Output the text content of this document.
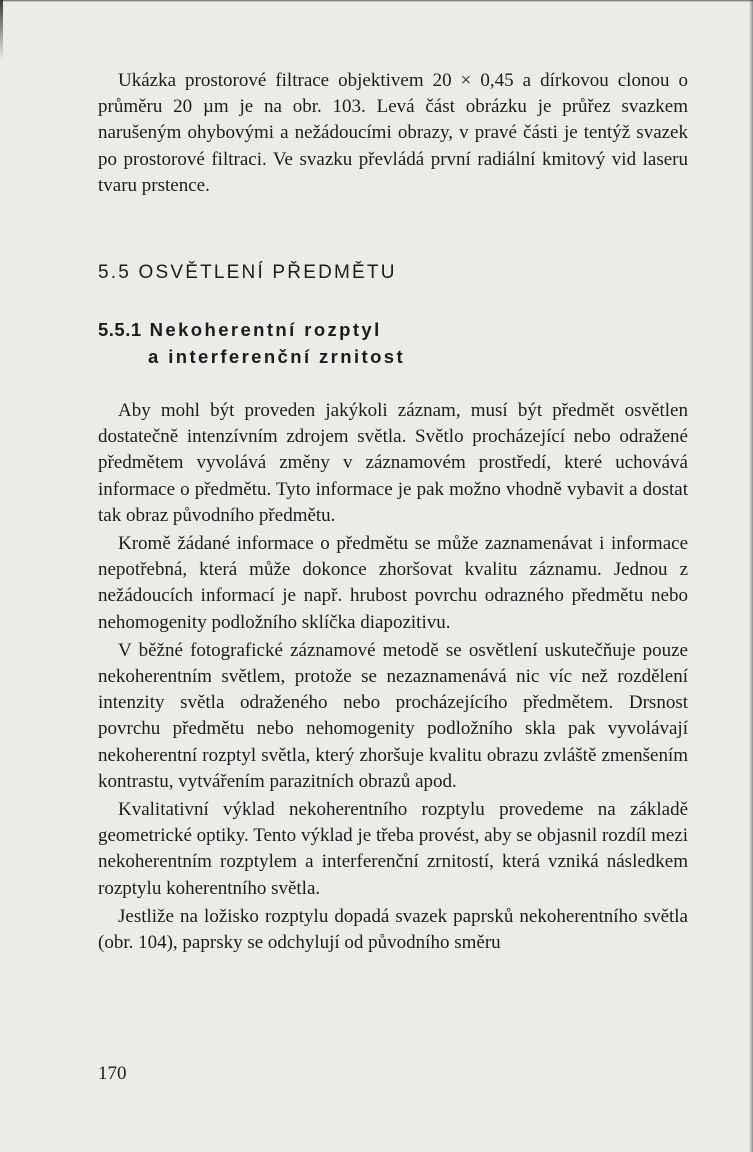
Ukázka prostorové filtrace objektivem 20 × 0,45 a dírkovou clonou o průměru 20 µm je na obr. 103. Levá část obrázku je průřez svazkem narušeným ohybovými a nežádoucími obrazy, v pravé části je tentýž svazek po prostorové filtraci. Ve svazku převládá první radiální kmitový vid laseru tvaru prstence.

5.5 OSVĚTLENÍ PŘEDMĚTU
5.5.1 Nekoherentní rozptyl
a interferenční zrnitost

Aby mohl být proveden jakýkoli záznam, musí být předmět osvětlen dostatečně intenzívním zdrojem světla. Světlo procházející nebo odražené předmětem vyvolává změny v záznamovém prostředí, které uchovává informace o předmětu. Tyto informace je pak možno vhodně vybavit a dostat tak obraz původního předmětu.

Kromě žádané informace o předmětu se může zaznamenávat i informace nepotřebná, která může dokonce zhoršovat kvalitu záznamu. Jednou z nežádoucích informací je např. hrubost povrchu odrazného předmětu nebo nehomogenity podložního sklíčka diapozitivu.

V běžné fotografické záznamové metodě se osvětlení uskutečňuje pouze nekoherentním světlem, protože se nezaznamenává nic víc než rozdělení intenzity světla odraženého nebo procházejícího předmětem. Drsnost povrchu předmětu nebo nehomogenity podložního skla pak vyvolávají nekoherentní rozptyl světla, který zhoršuje kvalitu obrazu zvláště zmenšením kontrastu, vytvářením parazitních obrazů apod.

Kvalitativní výklad nekoherentního rozptylu provedeme na základě geometrické optiky. Tento výklad je třeba provést, aby se objasnil rozdíl mezi nekoherentním rozptylem a interferenční zrnitostí, která vzniká následkem rozptylu koherentního světla.

Jestliže na ložisko rozptylu dopadá svazek paprsků nekoherentního světla (obr. 104), paprsky se odchylují od původního směru

170
